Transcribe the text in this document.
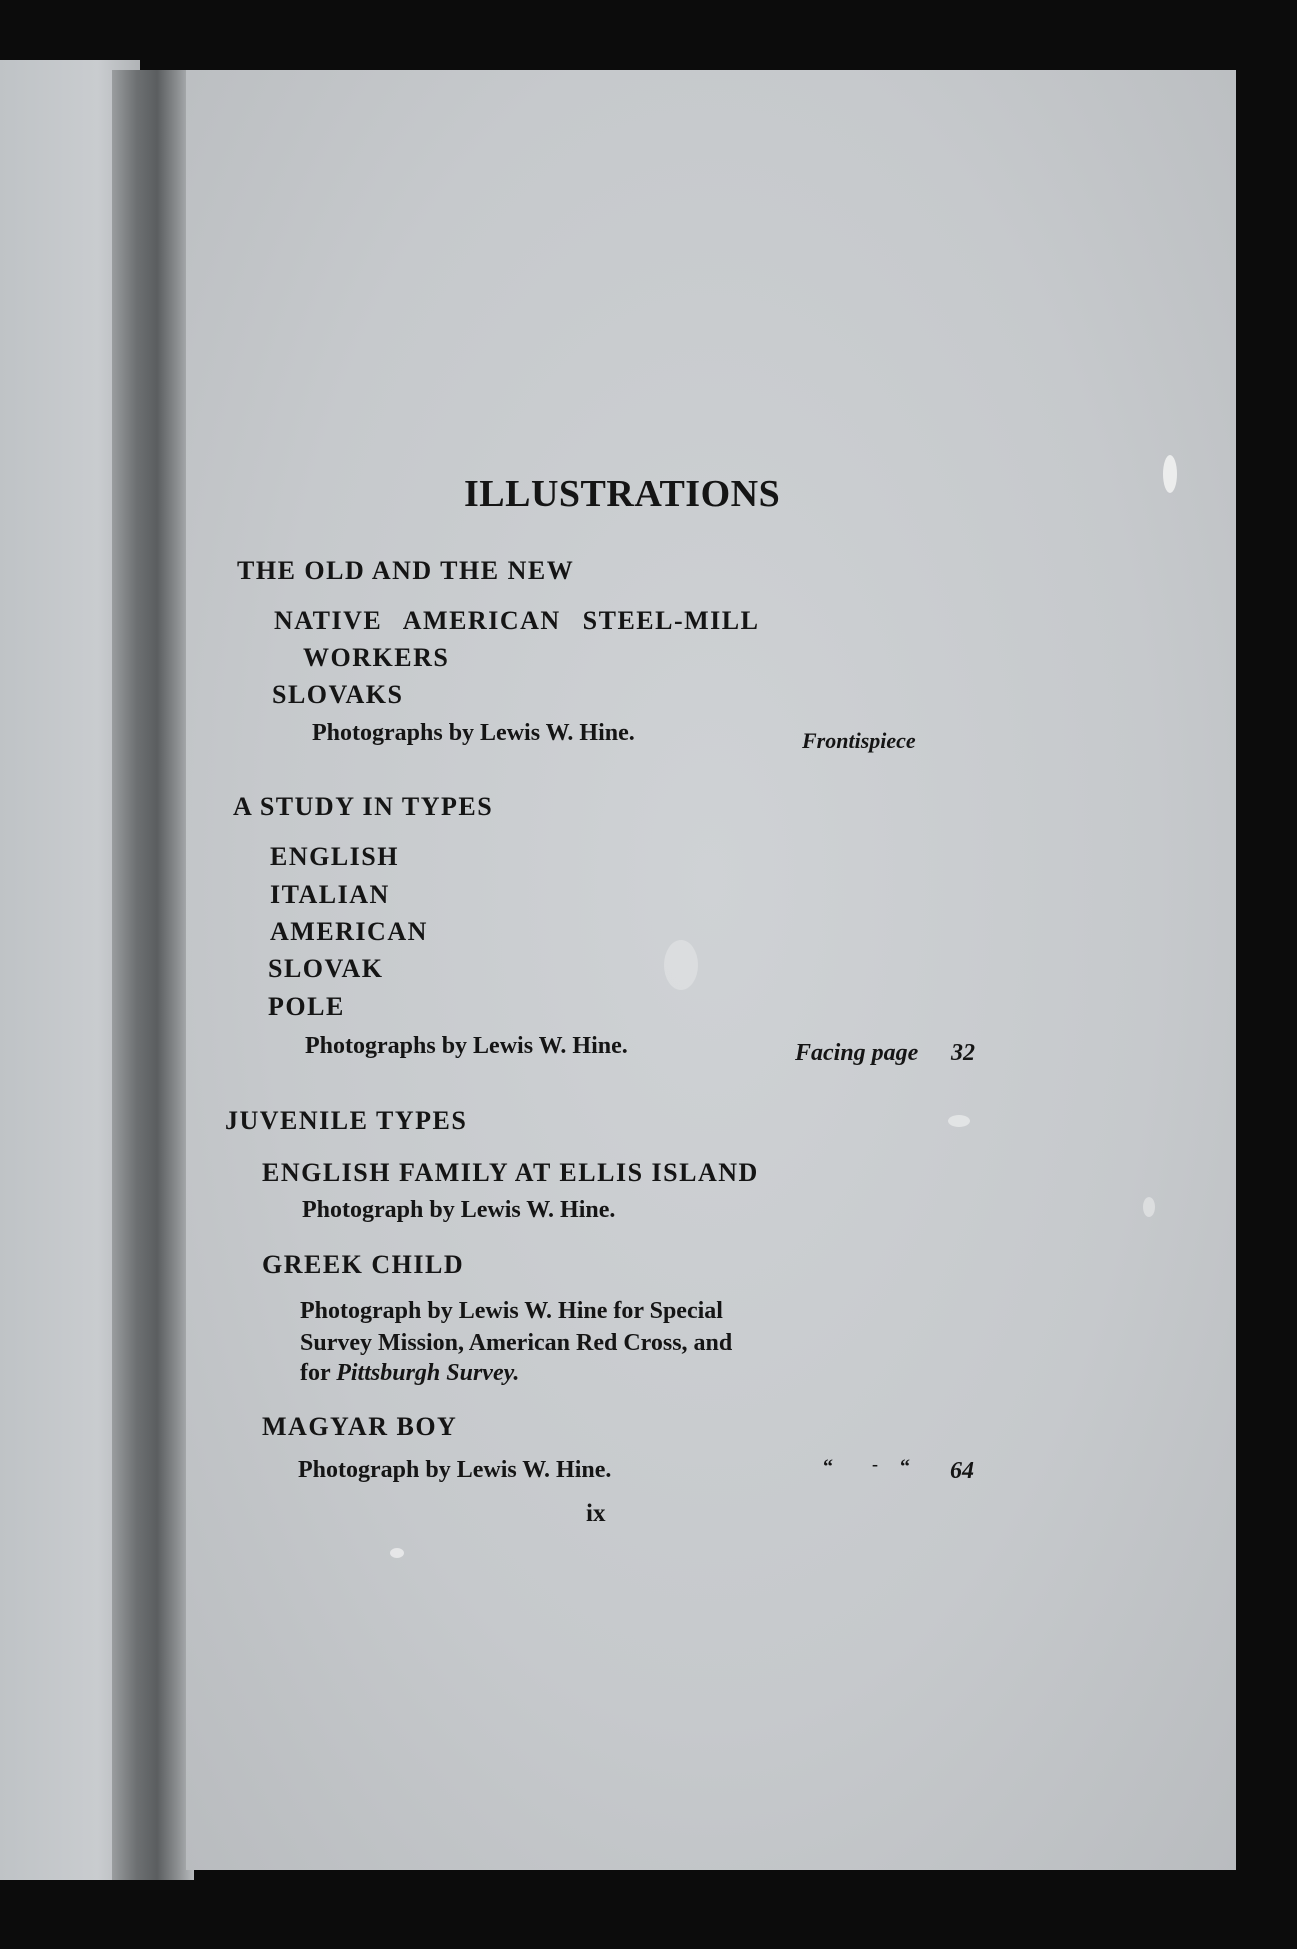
ILLUSTRATIONS
THE OLD AND THE NEW
NATIVE AMERICAN STEEL-MILL
WORKERS
SLOVAKS
Photographs by Lewis W. Hine.	Frontispiece
A STUDY IN TYPES
ENGLISH
ITALIAN
AMERICAN
SLOVAK
POLE
Photographs by Lewis W. Hine.	Facing page 32
JUVENILE TYPES
ENGLISH FAMILY AT ELLIS ISLAND
Photograph by Lewis W. Hine.
GREEK CHILD
Photograph by Lewis W. Hine for Special
Survey Mission, American Red Cross, and
for Pittsburgh Survey.
MAGYAR BOY
Photograph by Lewis W. Hine.	“ - “ 64
ix
